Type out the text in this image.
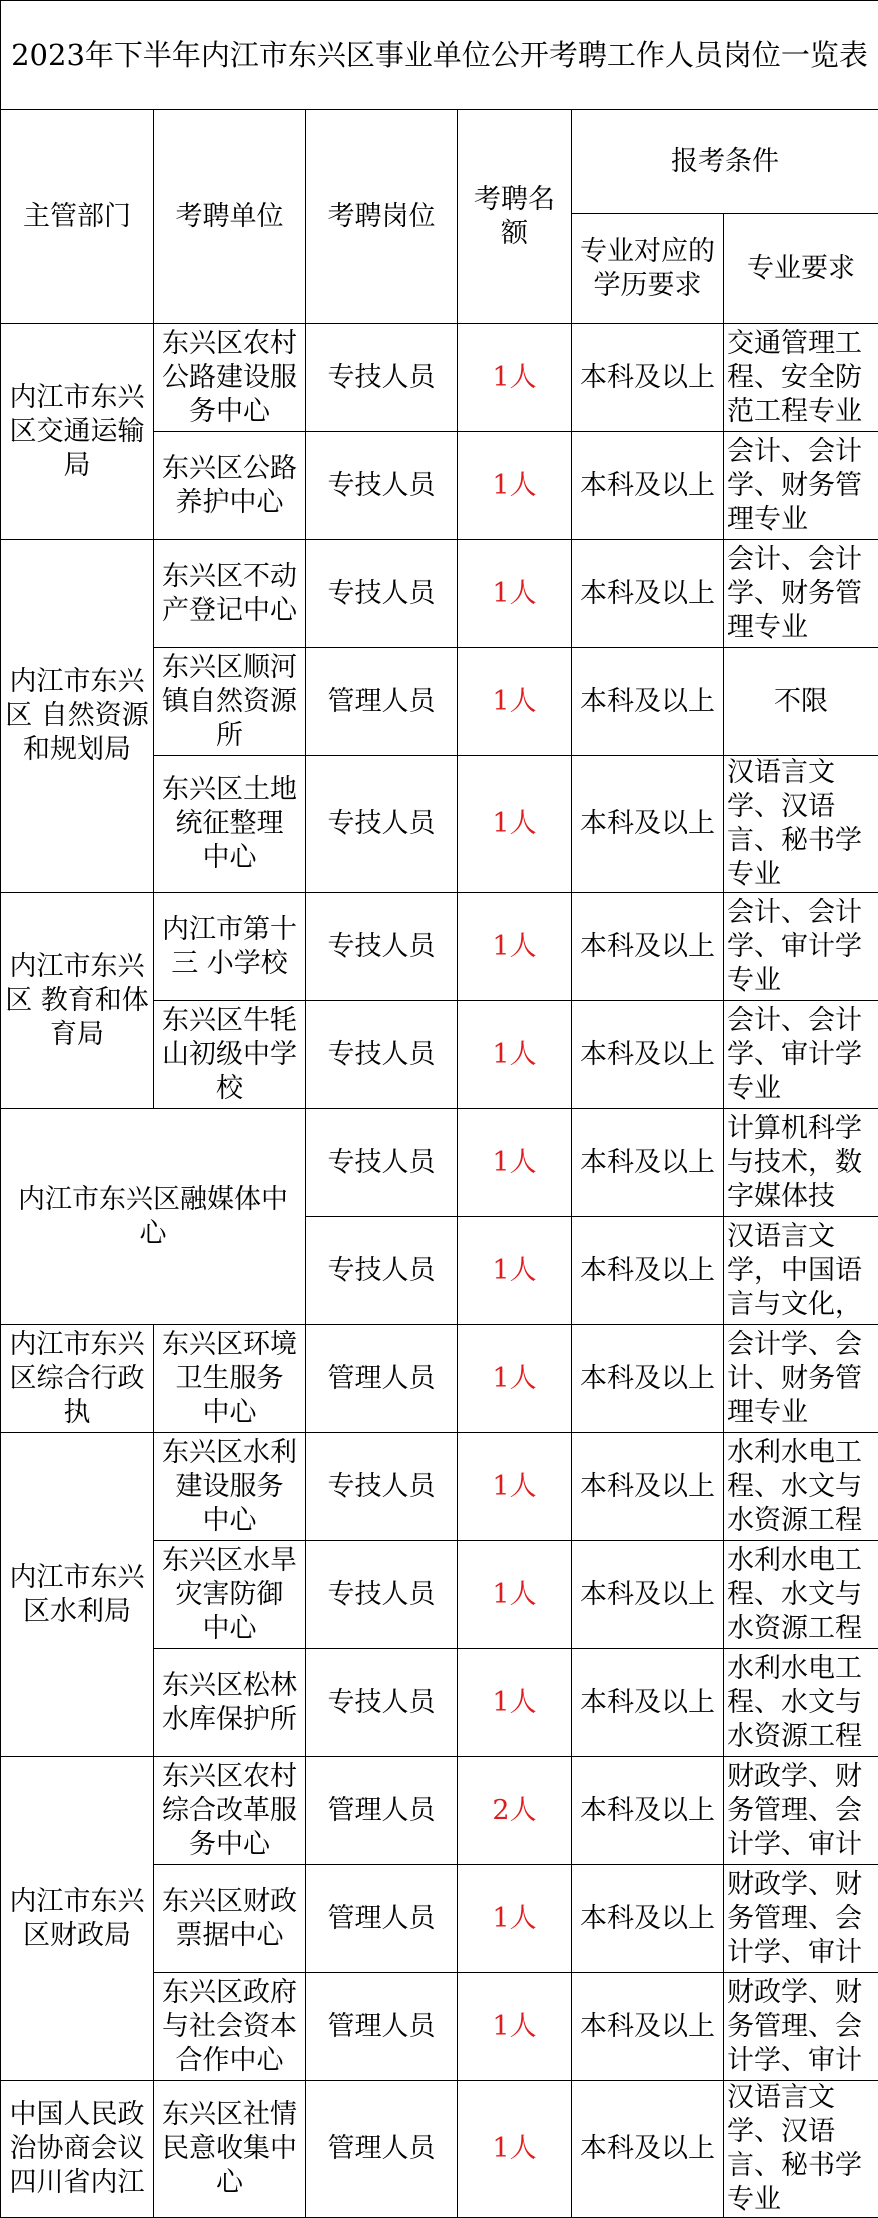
2023年下半年内江市东兴区事业单位公开考聘工作人员岗位一览表					
主管部门	考聘单位	考聘岗位	考聘名额	报考条件	
				专业对应的学历要求	专业要求
内江市东兴区交通运输局	东兴区农村公路建设服务中心	专技人员	1人	本科及以上	交通管理工程、安全防范工程专业
	东兴区公路养护中心	专技人员	1人	本科及以上	会计、会计学、财务管理专业
内江市东兴区 自然资源和规划局	东兴区不动产登记中心	专技人员	1人	本科及以上	会计、会计学、财务管理专业
	东兴区顺河镇自然资源所	管理人员	1人	本科及以上	不限
	东兴区土地统征整理 中心	专技人员	1人	本科及以上	汉语言文学、汉语言、秘书学专业
内江市东兴区 教育和体育局	内江市第十三 小学校	专技人员	1人	本科及以上	会计、会计学、审计学专业
	东兴区牛牦山初级中学校	专技人员	1人	本科及以上	会计、会计学、审计学专业
内江市东兴区融媒体中心		专技人员	1人	本科及以上	计算机科学与技术，数字媒体技
		专技人员	1人	本科及以上	汉语言文学，中国语言与文化，
内江市东兴区综合行政执	东兴区环境卫生服务 中心	管理人员	1人	本科及以上	会计学、会计、财务管理专业
内江市东兴区水利局	东兴区水利建设服务 中心	专技人员	1人	本科及以上	水利水电工程、水文与水资源工程
	东兴区水旱灾害防御 中心	专技人员	1人	本科及以上	水利水电工程、水文与水资源工程
	东兴区松林水库保护所	专技人员	1人	本科及以上	水利水电工程、水文与水资源工程
内江市东兴区财政局	东兴区农村综合改革服务中心	管理人员	2人	本科及以上	财政学、财务管理、会计学、审计
	东兴区财政票据中心	管理人员	1人	本科及以上	财政学、财务管理、会计学、审计
	东兴区政府与社会资本合作中心	管理人员	1人	本科及以上	财政学、财务管理、会计学、审计
中国人民政治协商会议四川省内江	东兴区社情民意收集中心	管理人员	1人	本科及以上	汉语言文学、汉语言、秘书学专业
